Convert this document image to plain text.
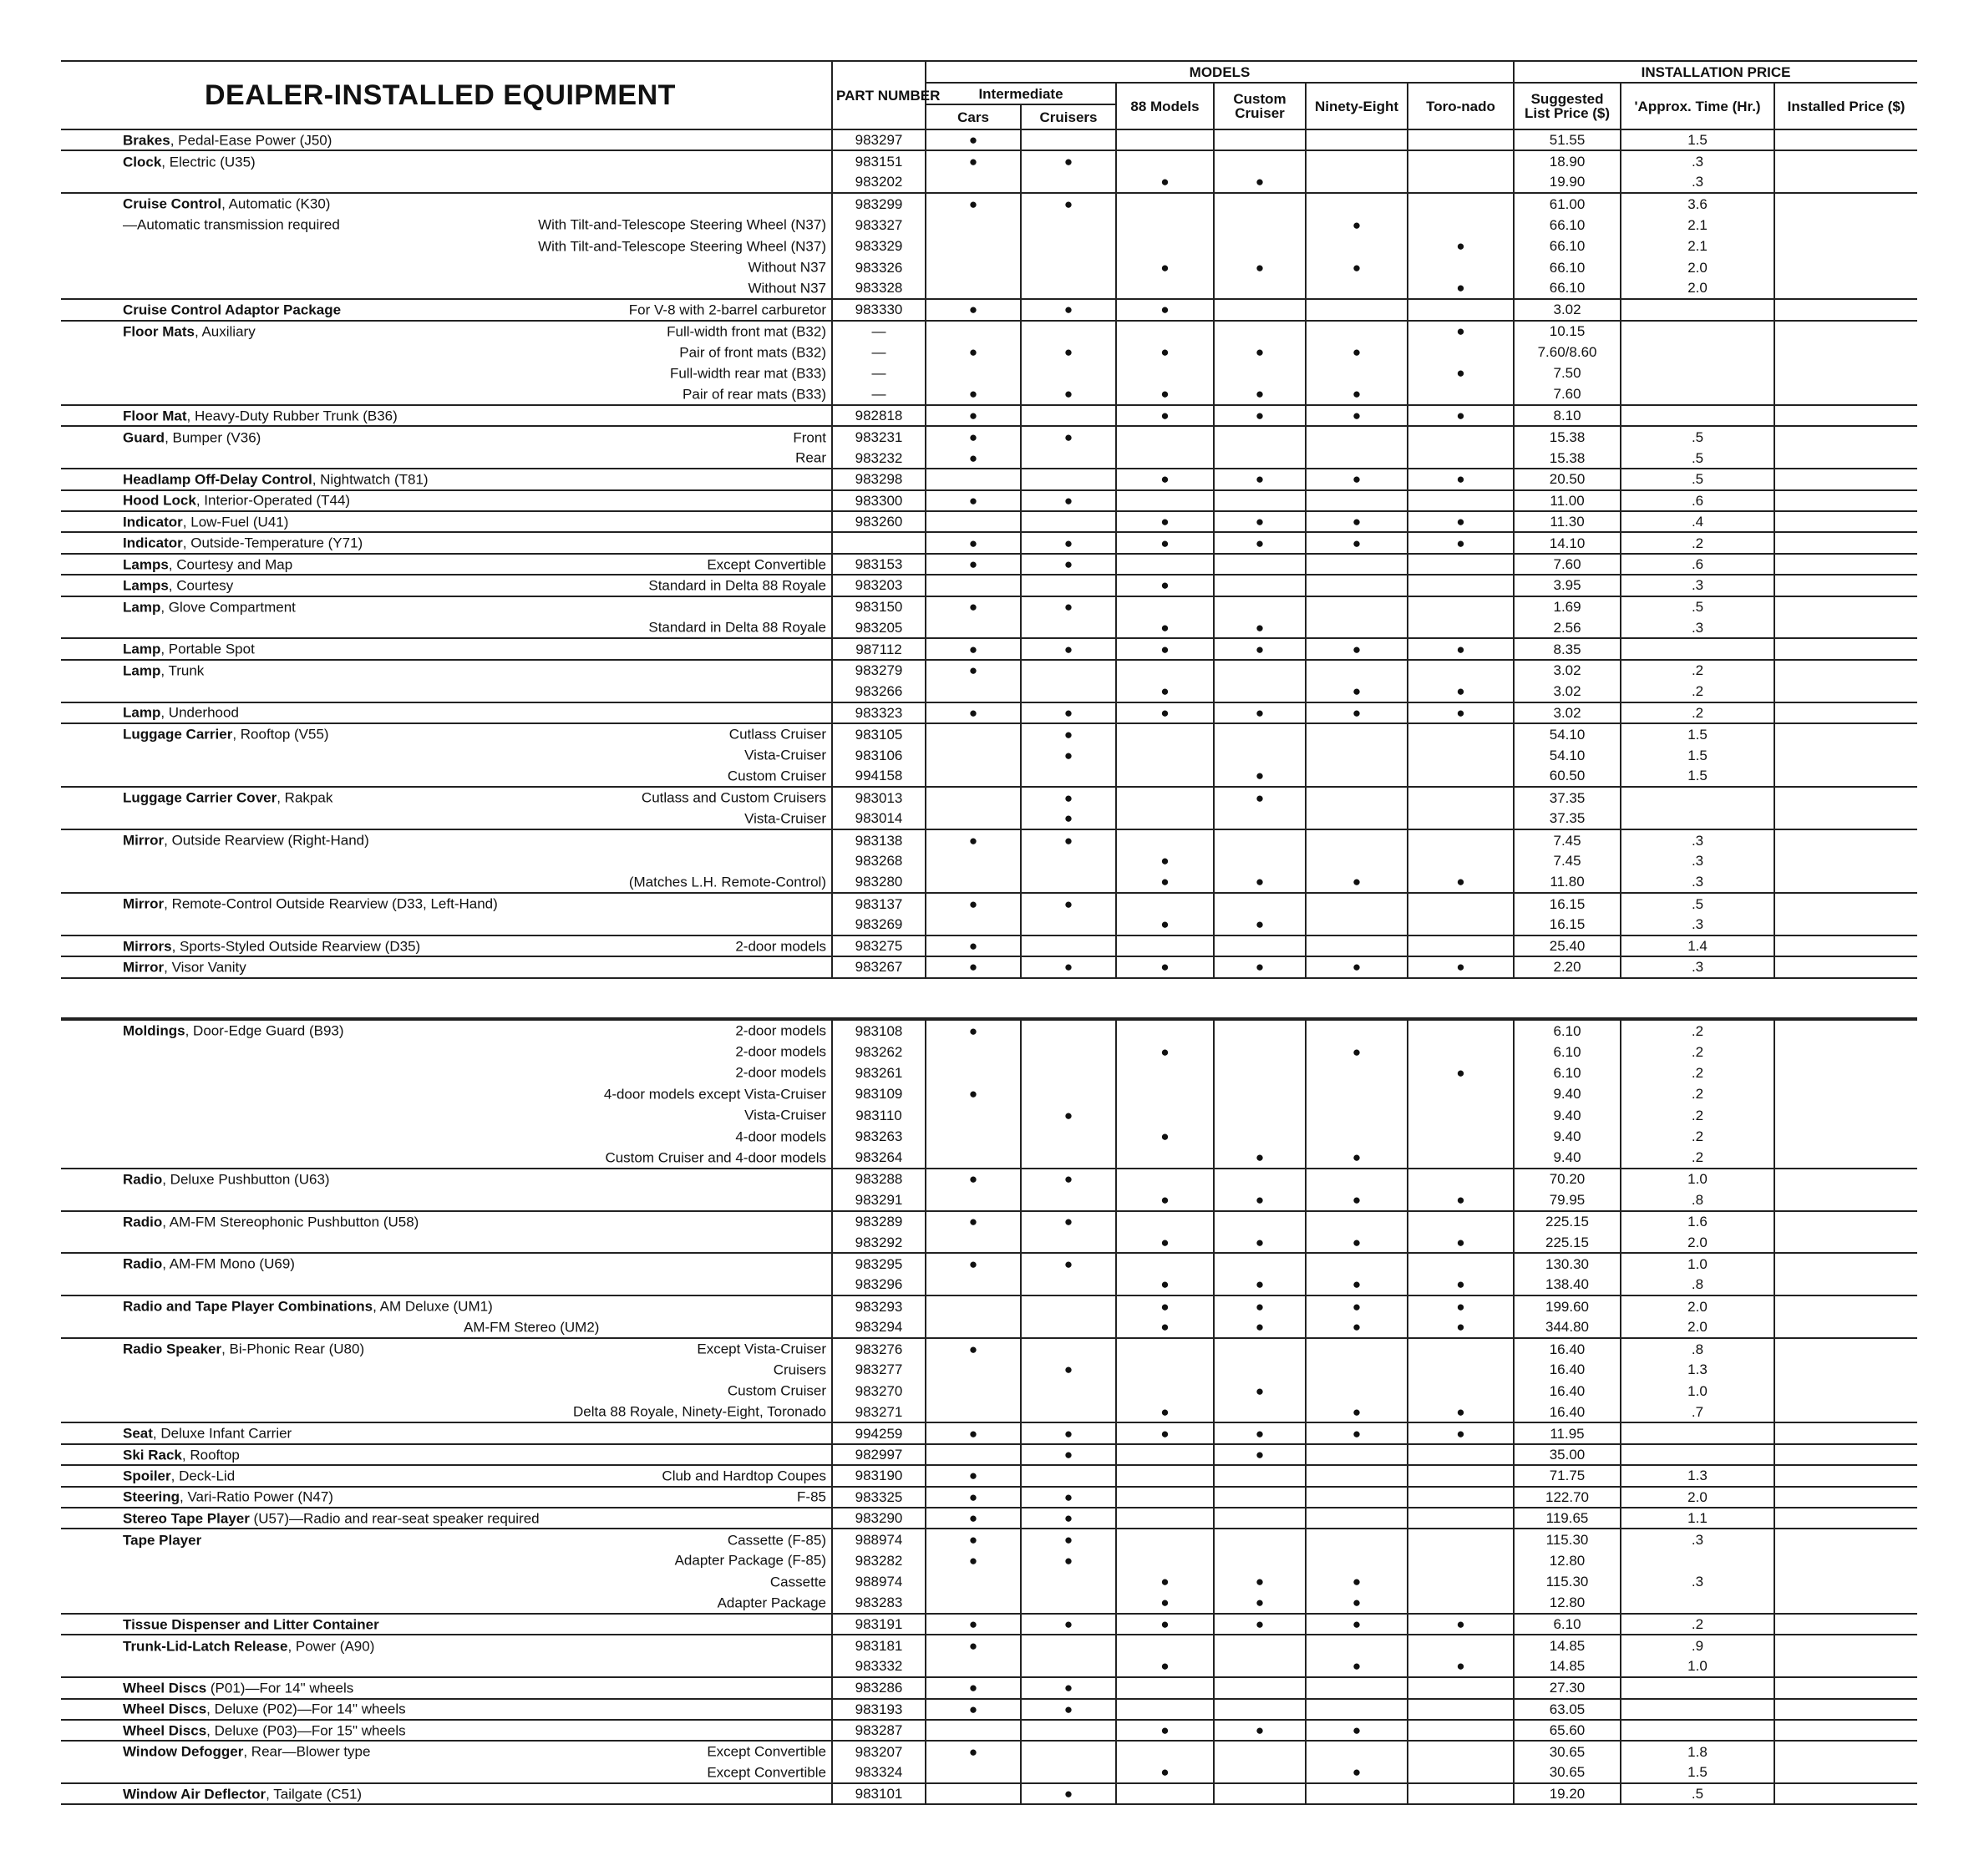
DEALER-INSTALLED EQUIPMENT	PART NUMBER	MODELS						INSTALLATION PRICE		
		Intermediate		88 Models	Custom Cruiser	Ninety-Eight	Toro-nado	Suggested List Price ($)	'Approx. Time (Hr.)	Installed Price ($)
		Cars	Cruisers							

Brakes, Pedal-Ease Power (J50)	983297	●						51.55	1.5	

Clock, Electric (U35)	983151	●	●					18.90	.3	

	983202			●	●			19.90	.3	

Cruise Control, Automatic (K30)	983299	●	●					61.00	3.6	

—Automatic transmission required With Tilt-and-Telescope Steering Wheel (N37)	983327					●		66.10	2.1	

With Tilt-and-Telescope Steering Wheel (N37)	983329						●	66.10	2.1	

Without N37	983326			●	●	●		66.10	2.0	

Without N37	983328						●	66.10	2.0	

Cruise Control Adaptor Package For V-8 with 2-barrel carburetor	983330	●	●	●				3.02		

Floor Mats, Auxiliary Full-width front mat (B32)	—						●	10.15		

Pair of front mats (B32)	—	●	●	●	●	●		7.60/8.60		

Full-width rear mat (B33)	—						●	7.50		

Pair of rear mats (B33)	—	●	●	●	●	●		7.60		

Floor Mat, Heavy-Duty Rubber Trunk (B36)	982818	●		●	●	●	●	8.10		

Guard, Bumper (V36) Front	983231	●	●					15.38	.5	

Rear	983232	●						15.38	.5	

Headlamp Off-Delay Control, Nightwatch (T81)	983298			●	●	●	●	20.50	.5	

Hood Lock, Interior-Operated (T44)	983300	●	●					11.00	.6	

Indicator, Low-Fuel (U41)	983260			●	●	●	●	11.30	.4	

Indicator, Outside-Temperature (Y71)		●	●	●	●	●	●	14.10	.2	

Lamps, Courtesy and Map Except Convertible	983153	●	●					7.60	.6	

Lamps, Courtesy Standard in Delta 88 Royale	983203			●				3.95	.3	

Lamp, Glove Compartment	983150	●	●					1.69	.5	

Standard in Delta 88 Royale	983205			●	●			2.56	.3	

Lamp, Portable Spot	987112	●	●	●	●	●	●	8.35		

Lamp, Trunk	983279	●						3.02	.2	

	983266			●		●	●	3.02	.2	

Lamp, Underhood	983323	●	●	●	●	●	●	3.02	.2	

Luggage Carrier, Rooftop (V55) Cutlass Cruiser	983105		●					54.10	1.5	

Vista-Cruiser	983106		●					54.10	1.5	

Custom Cruiser	994158				●			60.50	1.5	

Luggage Carrier Cover, Rakpak Cutlass and Custom Cruisers	983013		●		●			37.35		

Vista-Cruiser	983014		●					37.35		

Mirror, Outside Rearview (Right-Hand)	983138	●	●					7.45	.3	

	983268			●				7.45	.3	

(Matches L.H. Remote-Control)	983280			●	●	●	●	11.80	.3	

Mirror, Remote-Control Outside Rearview (D33, Left-Hand)	983137	●	●					16.15	.5	

	983269			●	●			16.15	.3	

Mirrors, Sports-Styled Outside Rearview (D35) 2-door models	983275	●						25.40	1.4	

Mirror, Visor Vanity	983267	●	●	●	●	●	●	2.20	.3	
Moldings, Door-Edge Guard (B93) 2-door models	983108	●						6.10	.2	

2-door models	983262			●		●		6.10	.2	

2-door models	983261						●	6.10	.2	

4-door models except Vista-Cruiser	983109	●						9.40	.2	

Vista-Cruiser	983110		●					9.40	.2	

4-door models	983263			●				9.40	.2	

Custom Cruiser and 4-door models	983264				●	●		9.40	.2	

Radio, Deluxe Pushbutton (U63)	983288	●	●					70.20	1.0	

	983291			●	●	●	●	79.95	.8	

Radio, AM-FM Stereophonic Pushbutton (U58)	983289	●	●					225.15	1.6	

	983292			●	●	●	●	225.15	2.0	

Radio, AM-FM Mono (U69)	983295	●	●					130.30	1.0	

	983296			●	●	●	●	138.40	.8	

Radio and Tape Player Combinations, AM Deluxe (UM1)	983293			●	●	●	●	199.60	2.0	

AM-FM Stereo (UM2)	983294			●	●	●	●	344.80	2.0	

Radio Speaker, Bi-Phonic Rear (U80) Except Vista-Cruiser	983276	●						16.40	.8	

Cruisers	983277		●					16.40	1.3	

Custom Cruiser	983270				●			16.40	1.0	

Delta 88 Royale, Ninety-Eight, Toronado	983271			●		●	●	16.40	.7	

Seat, Deluxe Infant Carrier	994259	●	●	●	●	●	●	11.95		

Ski Rack, Rooftop	982997		●		●			35.00		

Spoiler, Deck-Lid Club and Hardtop Coupes	983190	●						71.75	1.3	

Steering, Vari-Ratio Power (N47) F-85	983325	●	●					122.70	2.0	

Stereo Tape Player (U57)—Radio and rear-seat speaker required	983290	●	●					119.65	1.1	

Tape Player Cassette (F-85)	988974	●	●					115.30	.3	

Adapter Package (F-85)	983282	●	●					12.80		

Cassette	988974			●	●	●		115.30	.3	

Adapter Package	983283			●	●	●		12.80		

Tissue Dispenser and Litter Container	983191	●	●	●	●	●	●	6.10	.2	

Trunk-Lid-Latch Release, Power (A90)	983181	●						14.85	.9	

	983332			●		●	●	14.85	1.0	

Wheel Discs (P01)—For 14" wheels	983286	●	●					27.30		

Wheel Discs, Deluxe (P02)—For 14" wheels	983193	●	●					63.05		

Wheel Discs, Deluxe (P03)—For 15" wheels	983287			●	●	●		65.60		

Window Defogger, Rear—Blower type Except Convertible	983207	●						30.65	1.8	

Except Convertible	983324			●		●		30.65	1.5	

Window Air Deflector, Tailgate (C51)	983101		●					19.20	.5	
